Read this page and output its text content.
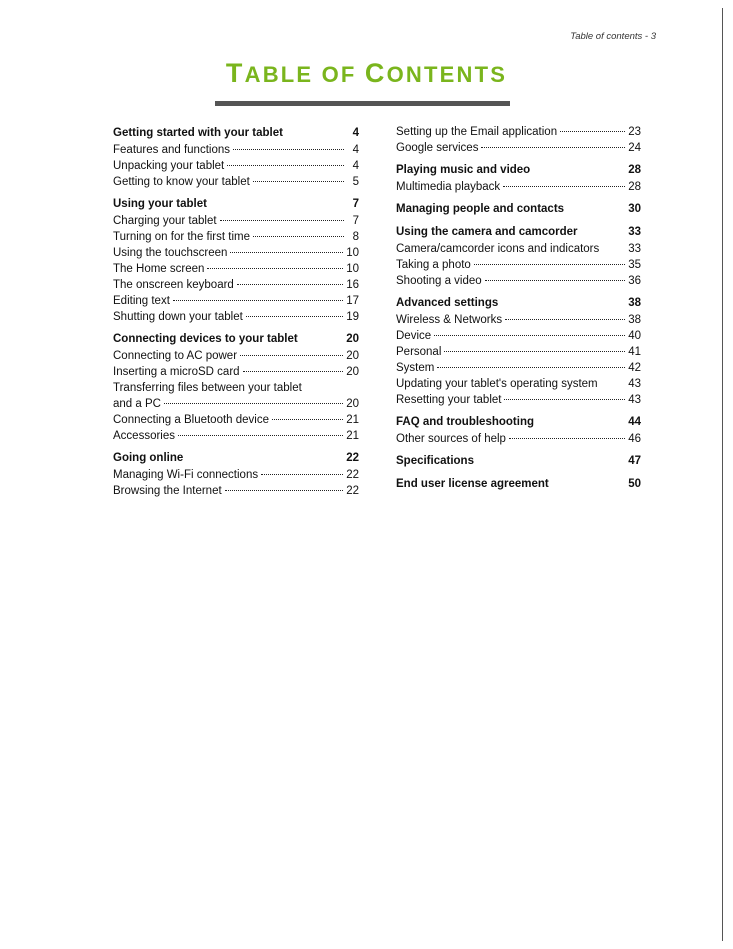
Table of contents - 3
TABLE OF CONTENTS
Getting started with your tablet	4
Features and functions	4
Unpacking your tablet	4
Getting to know your tablet	5
Using your tablet	7
Charging your tablet	7
Turning on for the first time	8
Using the touchscreen	10
The Home screen	10
The onscreen keyboard	16
Editing text	17
Shutting down your tablet	19
Connecting devices to your tablet	20
Connecting to AC power	20
Inserting a microSD card	20
Transferring files between your tablet
and a PC	20
Connecting a Bluetooth device	21
Accessories	21
Going online	22
Managing Wi-Fi connections	22
Browsing the Internet	22
Setting up the Email application	23
Google services	24
Playing music and video	28
Multimedia playback	28
Managing people and contacts	30
Using the camera and camcorder	33
Camera/camcorder icons and indicators	33
Taking a photo	35
Shooting a video	36
Advanced settings	38
Wireless & Networks	38
Device	40
Personal	41
System	42
Updating your tablet's operating system	43
Resetting your tablet	43
FAQ and troubleshooting	44
Other sources of help	46
Specifications	47
End user license agreement	50
